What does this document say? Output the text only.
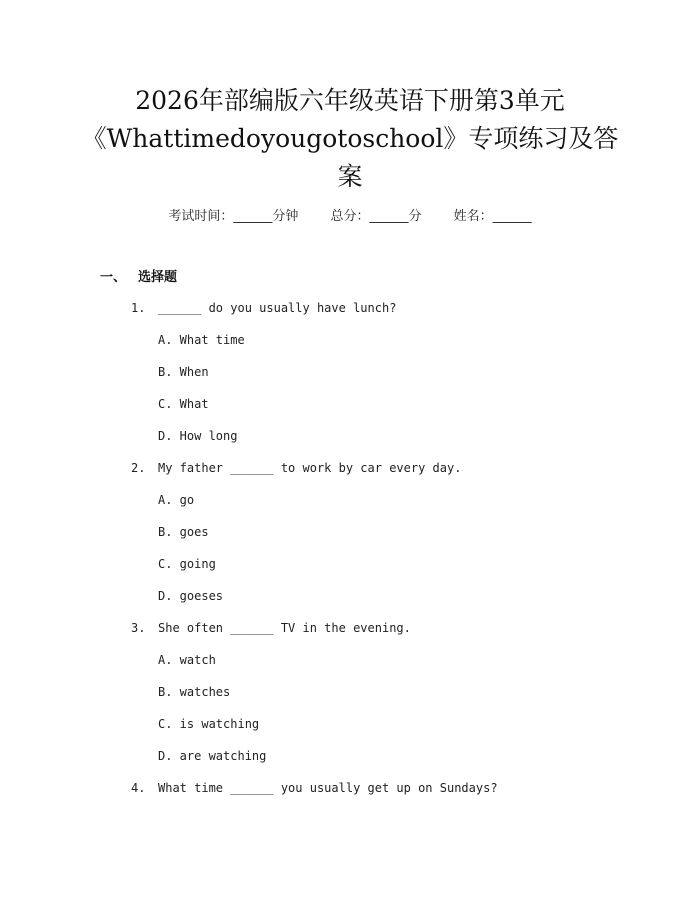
2026年部编版六年级英语下册第3单元
《Whattimedoyougotoschool》专项练习及答
案
考试时间：______分钟 总分：______分 姓名：______
一、 选择题
1. ______ do you usually have lunch?
A. What time
B. When
C. What
D. How long
2. My father ______ to work by car every day.
A. go
B. goes
C. going
D. goeses
3. She often ______ TV in the evening.
A. watch
B. watches
C. is watching
D. are watching
4. What time ______ you usually get up on Sundays?
